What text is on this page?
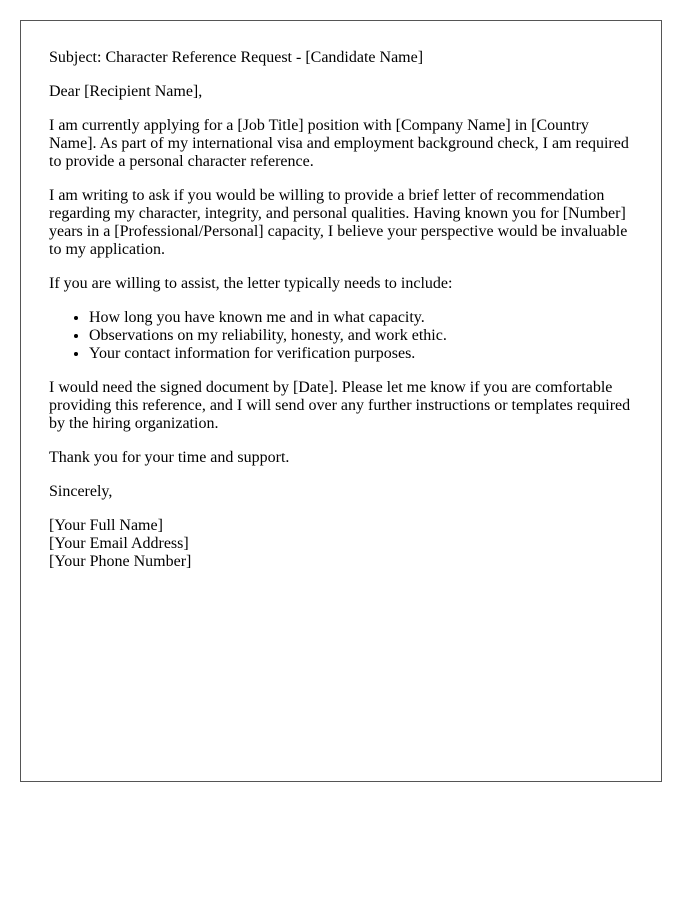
Subject: Character Reference Request - [Candidate Name]

Dear [Recipient Name],

I am currently applying for a [Job Title] position with [Company Name] in [Country Name]. As part of my international visa and employment background check, I am required to provide a personal character reference.

I am writing to ask if you would be willing to provide a brief letter of recommendation regarding my character, integrity, and personal qualities. Having known you for [Number] years in a [Professional/Personal] capacity, I believe your perspective would be invaluable to my application.

If you are willing to assist, the letter typically needs to include:

• How long you have known me and in what capacity.
• Observations on my reliability, honesty, and work ethic.
• Your contact information for verification purposes.

I would need the signed document by [Date]. Please let me know if you are comfortable providing this reference, and I will send over any further instructions or templates required by the hiring organization.

Thank you for your time and support.

Sincerely,

[Your Full Name]
[Your Email Address]
[Your Phone Number]
